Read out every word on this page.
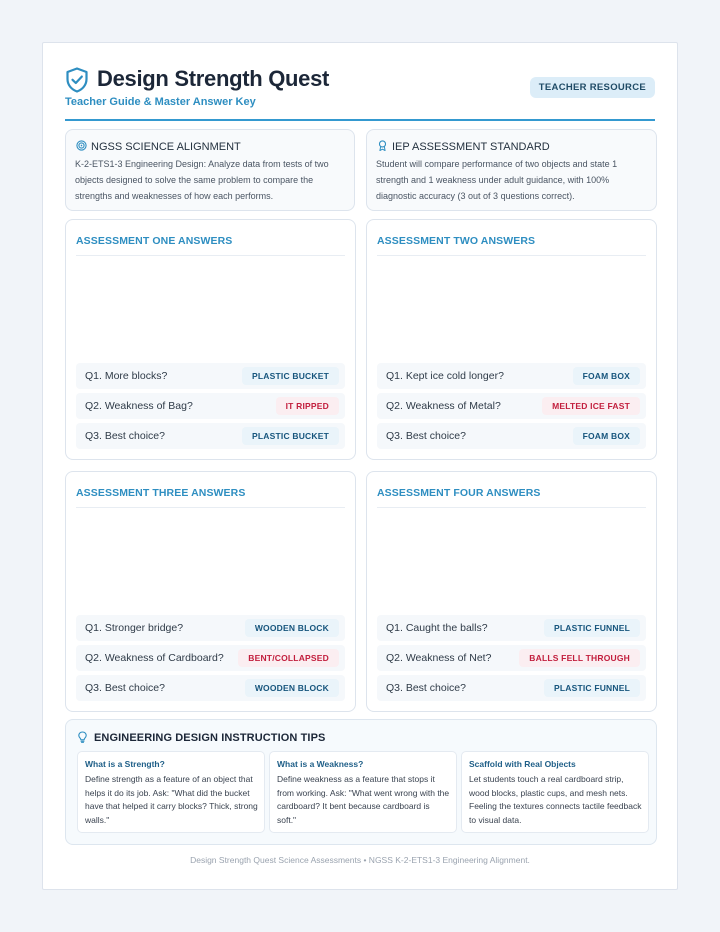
Design Strength Quest
Teacher Guide & Master Answer Key
TEACHER RESOURCE
NGSS SCIENCE ALIGNMENT
K-2-ETS1-3 Engineering Design: Analyze data from tests of two objects designed to solve the same problem to compare the strengths and weaknesses of how each performs.
IEP ASSESSMENT STANDARD
Student will compare performance of two objects and state 1 strength and 1 weakness under adult guidance, with 100% diagnostic accuracy (3 out of 3 questions correct).
ASSESSMENT ONE ANSWERS
Q1. More blocks?	PLASTIC BUCKET
Q2. Weakness of Bag?	IT RIPPED
Q3. Best choice?	PLASTIC BUCKET
ASSESSMENT TWO ANSWERS
Q1. Kept ice cold longer?	FOAM BOX
Q2. Weakness of Metal?	MELTED ICE FAST
Q3. Best choice?	FOAM BOX
ASSESSMENT THREE ANSWERS
Q1. Stronger bridge?	WOODEN BLOCK
Q2. Weakness of Cardboard?	BENT/COLLAPSED
Q3. Best choice?	WOODEN BLOCK
ASSESSMENT FOUR ANSWERS
Q1. Caught the balls?	PLASTIC FUNNEL
Q2. Weakness of Net?	BALLS FELL THROUGH
Q3. Best choice?	PLASTIC FUNNEL
ENGINEERING DESIGN INSTRUCTION TIPS
What is a Strength?
Define strength as a feature of an object that helps it do its job. Ask: "What did the bucket have that helped it carry blocks? Thick, strong walls."
What is a Weakness?
Define weakness as a feature that stops it from working. Ask: "What went wrong with the cardboard? It bent because cardboard is soft."
Scaffold with Real Objects
Let students touch a real cardboard strip, wood blocks, plastic cups, and mesh nets. Feeling the textures connects tactile feedback to visual data.
Design Strength Quest Science Assessments • NGSS K-2-ETS1-3 Engineering Alignment.
